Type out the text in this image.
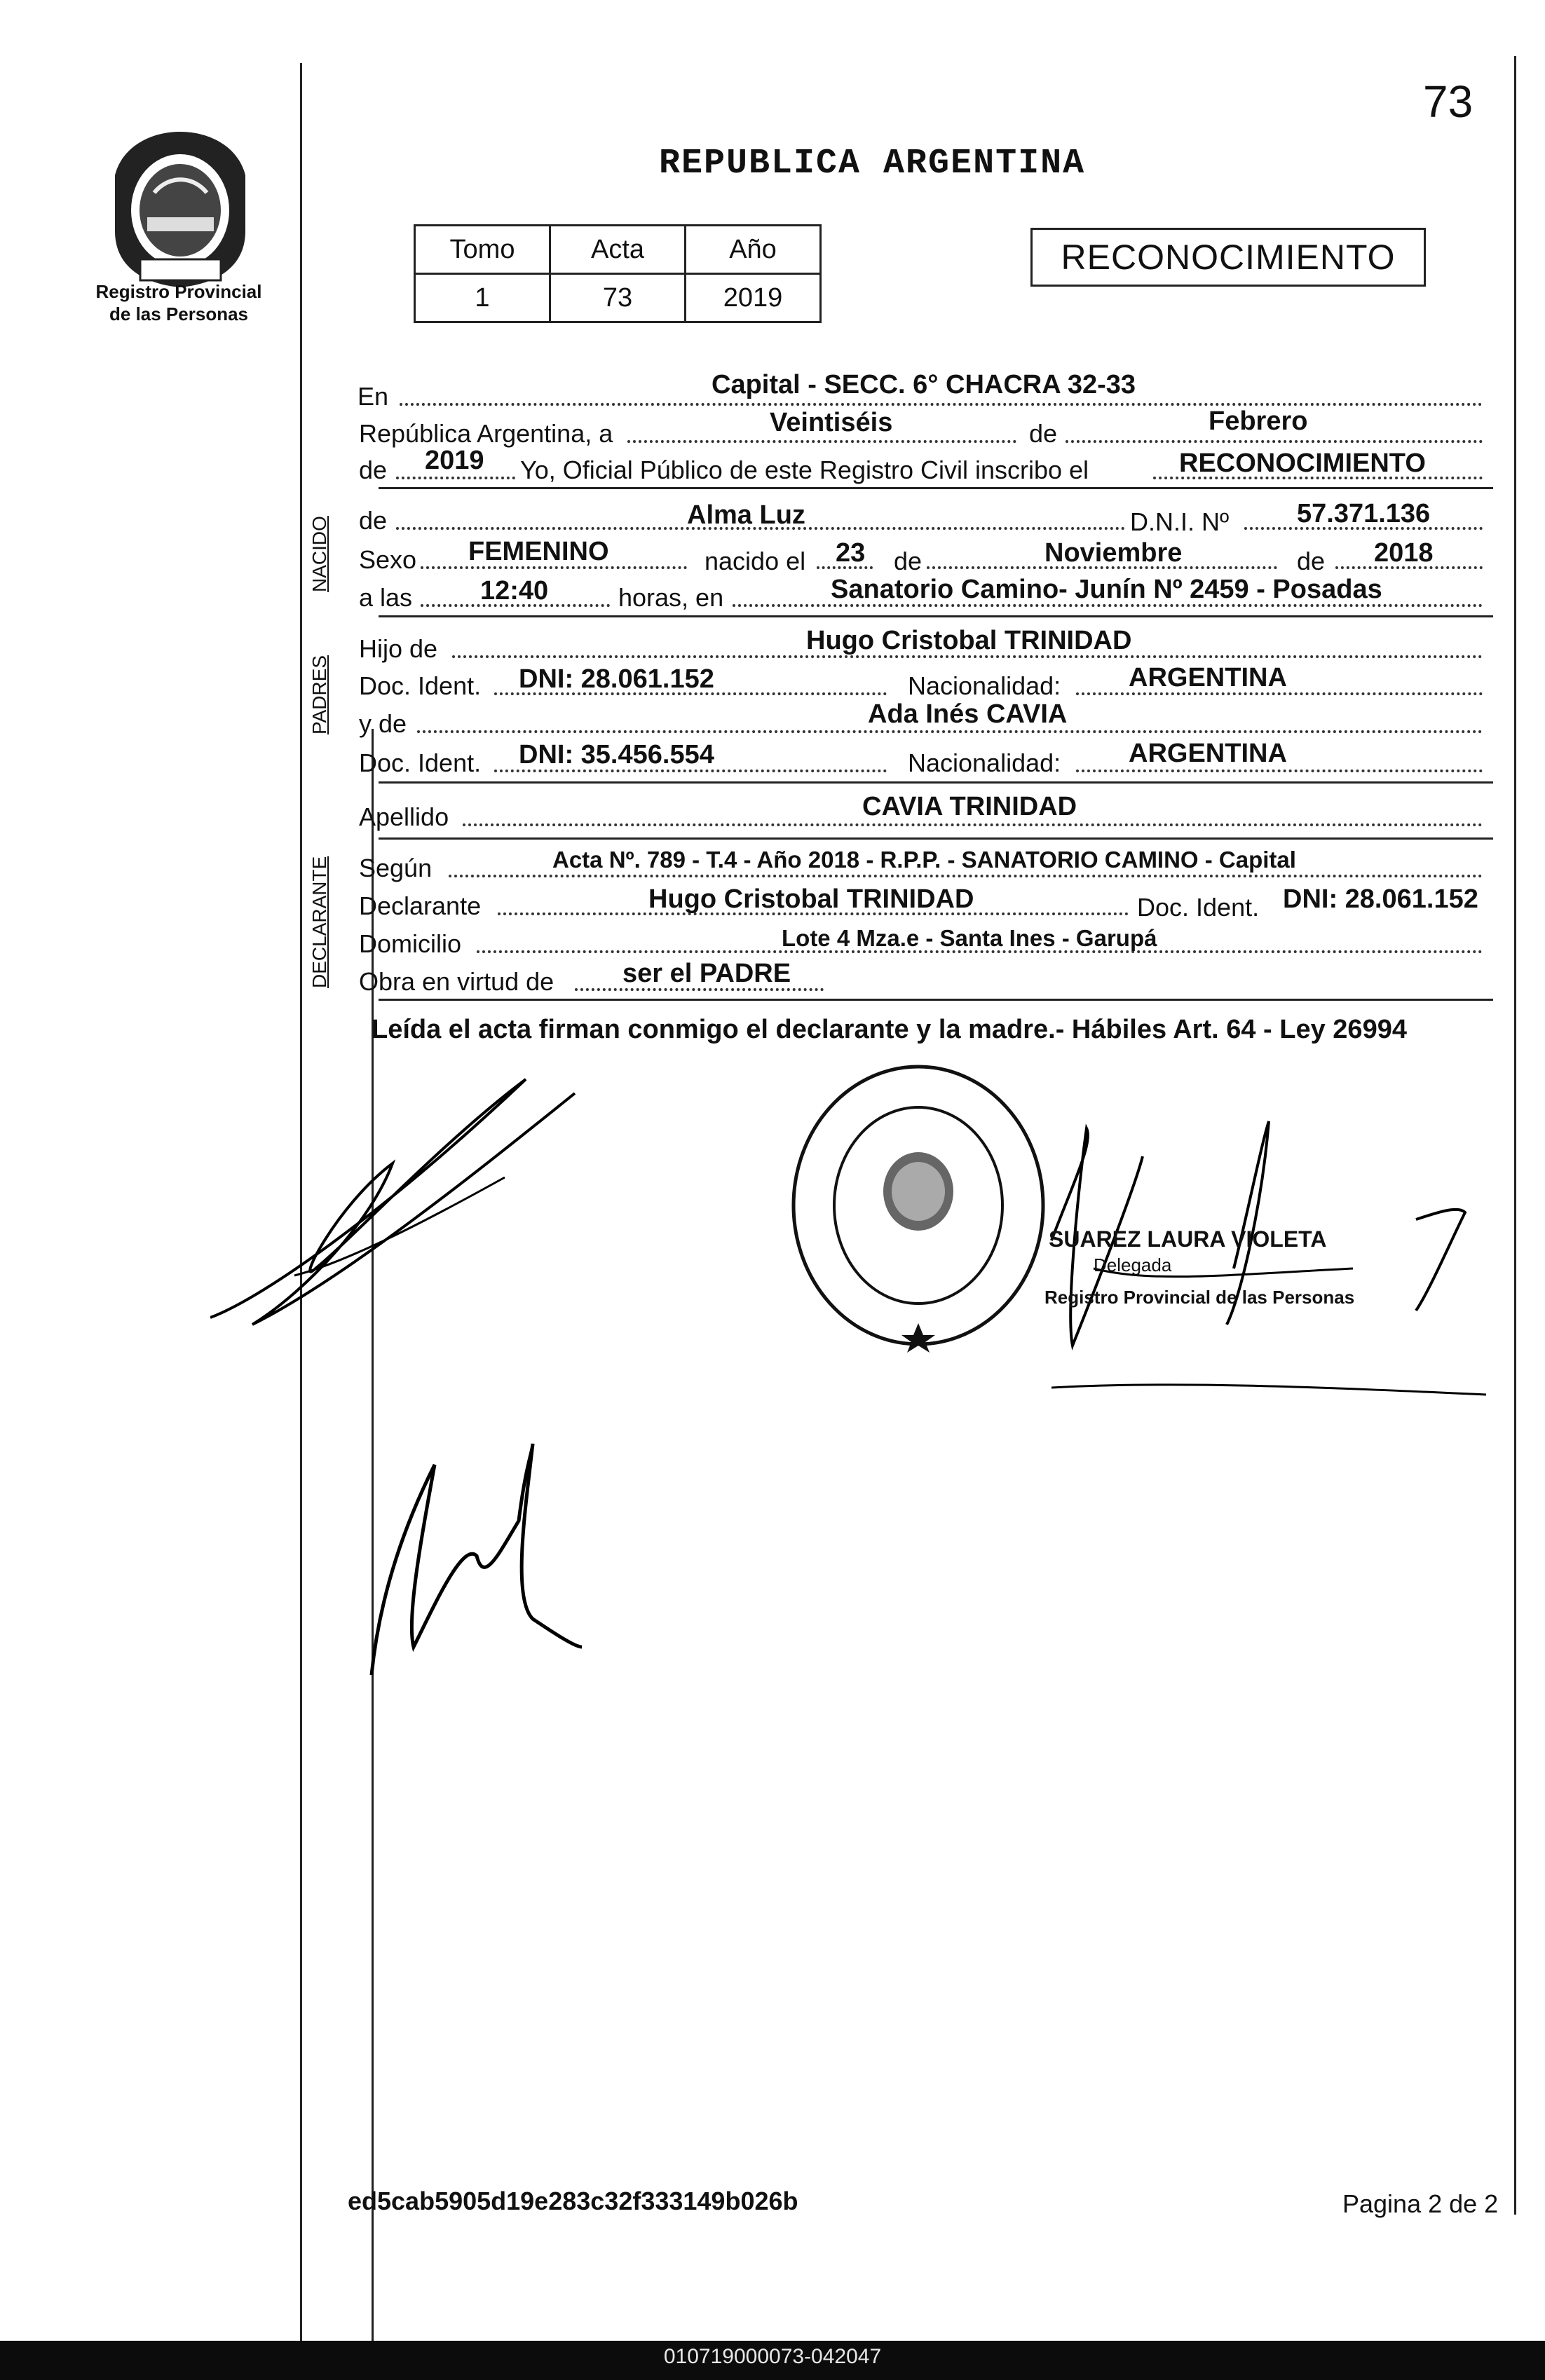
Registro Provincial
de las Personas
73
REPUBLICA ARGENTINA
Tomo	Acta	Año
1	73	2019
RECONOCIMIENTO
En	Capital - SECC. 6° CHACRA 32-33
República Argentina, a	Veintiséis	de	Febrero
de 2019 Yo, Oficial Público de este Registro Civil inscribo el	RECONOCIMIENTO
NACIDO de	Alma Luz	D.N.I. Nº	57.371.136
Sexo FEMENINO	nacido el 23 de	Noviembre	de 2018
a las	12:40	horas, en	Sanatorio Camino- Junín Nº 2459 - Posadas
PADRES
Hijo de	Hugo Cristobal TRINIDAD
Doc. Ident. DNI: 28.061.152	Nacionalidad:	ARGENTINA
y de	Ada Inés CAVIA
Doc. Ident. DNI: 35.456.554	Nacionalidad:	ARGENTINA
Apellido	CAVIA TRINIDAD
DECLARANTE Según	Acta Nº. 789 - T.4 - Año 2018 - R.P.P. - SANATORIO CAMINO - Capital
Declarante	Hugo Cristobal TRINIDAD	Doc. Ident. DNI: 28.061.152
Domicilio	Lote 4 Mza.e - Santa Ines - Garupá
Obra en virtud de	ser el PADRE
Leída el acta firman conmigo el declarante y la madre.- Hábiles Art. 64 - Ley 26994
SUAREZ LAURA VIOLETA
Delegada
Registro Provincial de las Personas
ed5cab5905d19e283c32f333149b026b	Pagina 2 de 2
010719000073-042047
